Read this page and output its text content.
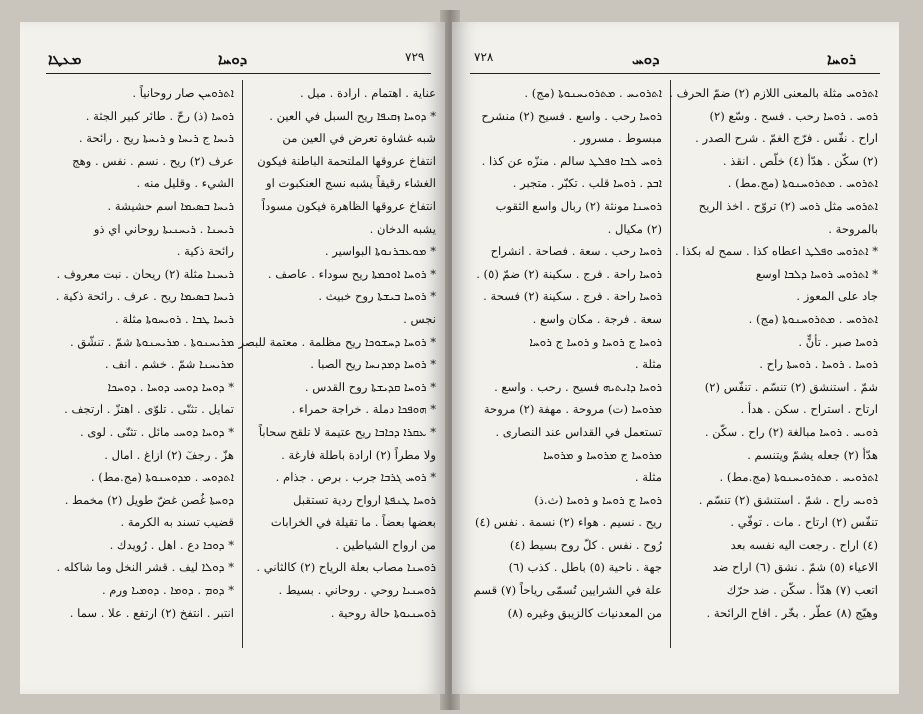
ܡܥܛܐ	ܕܘܚܐ	٧٢٩
عناية . اهتمام . ارادة . ميل .
* ܕܘܚܐ ܙܩܝܦܐ ريح السبل في العين .
شبه غشاوة تعرض في العين من
انتفاخ عروقها الملتحمة الباطنة فيكون
الغشاء رقيقاً يشبه نسج العنكبوت او
انتفاخ عروقها الظاهرة فيكون مسوداً
يشبه الدخان .
* ܡܘܥܒܪܢܘܬܐ البواسير .
* ܪܘܚܐ ܐܘܟܡܬܐ ريح سوداء . عاصف .
* ܪܘܚܐ ܒܝܫܬܐ روح خبيث .
نجس .
* ܪܘܚܐ ܕܚܫܘܟܐ ريح مظلمة . معتمة للبصر .
* ܪܘܚܐ ܕܡܕܢܚܐ ريح الصبا .
* ܪܘܚܐ ܩܕܝܫܬܐ روح القدس .
* ܗܘܦܟܐ دملة . خراجة حمراء .
* ܥܩܪܐ ܕܟܐܒܐ ريح عتيمة لا تلقح سحاباً
ولا مطراً (٢) ارادة باطلة فارغة .
* ܪܘܚ ܓܪܒܐ جرب . برص . جذام .
ܪܘܚܐ ܛܢܦܬܐ ارواح ردية تستقبل
بعضها بعضاً . ما تقيلة في الخرابات
من ارواح الشياطين .
ܪܘܚܢܐ مصاب بعلة الرياح (٢) كالثاني .
ܪܘܚܢܝܐ روحي . روحاني . بسيط .
ܪܘܚܢܝܘܬܐ حالة روحية .
ܐܬܪܘܚܢ صار روحانياً .
ܪܘܚܐ (ذ) رحّ . طائر كبير الجثة .
ܪܝܚܐ ج ܪܝܚܐ و ܪܝܚܬܐ ريح . رائحة .
عرف (٢) ريح . نسم . نفس . وهج
الشيء . وقليل منه .
ܪܝܚܐ ܒܣܝܡܐ اسم حشيشة .
ܪܝܚܢܐ . ܪܝܚܢܝܬܐ روحاني اي ذو
رائحة ذكية .
ܪܝܚܢܐ مثلة (٢) ريحان . نبت معروف .
ܪܝܚܐ ܒܣܝܡܐ ريح . عرف . رائحة ذكية .
ܪܝܚܐ ܛܒܐ . ܪܘܝܚܘܬܐ مثلة .
ܡܪܝܚܢܘܬܐ . ܡܪܝܚܢܘܬܐ شمّ . تنشّق .
ܡܪܝܚܢܐ شمّ . خشم . انف .
* ܕܘܚܐ ܕܘܚܝ ܕܘܚܐ . ܕܘܚܟܐ
تمايل . تثنّى . تلوّى . اهتزّ . ارتجف .
* ܕܘܚܐ ܕܘܚܝ مائل . تثنّى . لوى .
هزّ . رجفٓ (٢) ازاغ . امال .
ܐܬܕܘܚ . ܡܕܘܚܢܘܬܐ (مج.مط) .
ܕܘܚܬܐ غُصن غضّ طويل (٢) مخمط .
قضيب تسند به الكرمة .
* ܕܘܟܐ دع . اهل . رُويدك .
* ܕܘܠܐ ليف . قشر النخل وما شاكله .
* ܕܘܡ . ܕܘܡܐ . ܕܘܡܝܐ ورم .
انتبر . انتفخ (٢) ارتفع . علا . سما .
٧٢٨	ܕܘܚ	ܪܘܚܐ
ܐܬܪܘܚ مثلة بالمعنى اللازم (٢) ضمّ الحرف .
ܪܘܚ . ܪܘܚܐ رحب . فسح . وسّع (٢)
اراح . نفّس . فرّج الغمّ . شرح الصدر .
(٢) سكّن . هدّأ (٤) خلّص . انقذ .
ܐܬܪܘܚ . ܡܬܪܘܚܢܘܬܐ (مج.مط) .
ܐܬܪܘܚ مثل ܪܘܚ (٢) تروّح . اخذ الريح
بالمروحة .
* ܐܬܪܘܚ ܘܦܠܛ اعطاه كذا . سمح له بكذا .
* ܐܬܪܘܚ ܪܘܚܐ ܕܠܒܐ اوسع
جاد على المعوز .
ܐܬܪܘܚ . ܡܬܪܘܚܢܘܬܐ (مج) .
ܪܘܚܐ صبر . تأنٍّ .
ܪܘܚܐ . ܪܘܚܐ . ܪܘܚܬܐ راح .
شمّ . استنشق (٢) تنسّم . تنفّس (٢)
ارتاح . استراح . سكن . هدأ .
ܪܘܝܚ . ܪܘܚܐ مبالغة (٢) راح . سكّن .
هدّأ (٢) جعله يشمّ ويتنسم .
ܐܬܪܘܝܚ . ܡܬܪܘܝܚܢܘܬܐ (مج.مط) .
ܪܘܝܚ راح . شمّ . استنشق (٢) تنسّم .
تنفّس (٢) ارتاح . مات . توفّي .
(٤) اراح . رجعت اليه نفسه بعد
الاعياء (٥) شمّ . نشق (٦) اراح ضد
اتعب (٧) هدّأ . سكّن . ضد حرّك
وهيّج (٨) عطّر . بخّر . افاح الرائحة .
ܐܬܪܘܝܚ . ܡܬܪܘܝܚܢܘܬܐ (مج) .
ܪܘܚܐ رحب . واسع . فسيح (٢) منشرح
مبسوط . مسرور .
ܪܘܚ ܠܒܐ ܘܦܠܛ سالم . منزّه عن كذا .
ܐܒܕ . ܪܘܚܐ قلب . تكبّر . متجبر .
ܪܘܚܢܐ مونثة (٢) ربال واسع الثقوب
(٢) مكيال .
ܪܘܚܐ رحب . سعة . فصاحة . انشراح
ܪܘܚܐ راحة . فرج . سكينة (٢) ضمّ (٥) .
ܪܘܚܐ راحة . فرج . سكينة (٢) فسحة .
سعة . فرجة . مكان واسع .
ܪܘܚܐ ج ܪܘܚܐ و ܪܘܚܐ ج ܪܘܚܐ
مثلة .
ܪܘܚܐ ܕܐܝܬܝܗ فسيح . رحب . واسع .
ܡܪܘܚܐ (ت) مروحة . مهفة (٢) مروحة
تستعمل في القداس عند النصارى .
ܡܪܘܚܐ ج ܡܪܘܚܐ و ܡܪܘܚܐ
مثلة .
ܪܘܚܐ ج ܪܘܚܐ و ܪܘܚܐ (ث.ذ)
ريح . نسيم . هواء (٢) نسمة . نفس (٤)
رُوح . نفس . كلّ روح بسيط (٤)
جهة . ناحية (٥) باطل . كذب (٦)
علة في الشرايين تُسمّى رياحاً (٧) قسم
من المعدنيات كالزيبق وغيره (٨)
